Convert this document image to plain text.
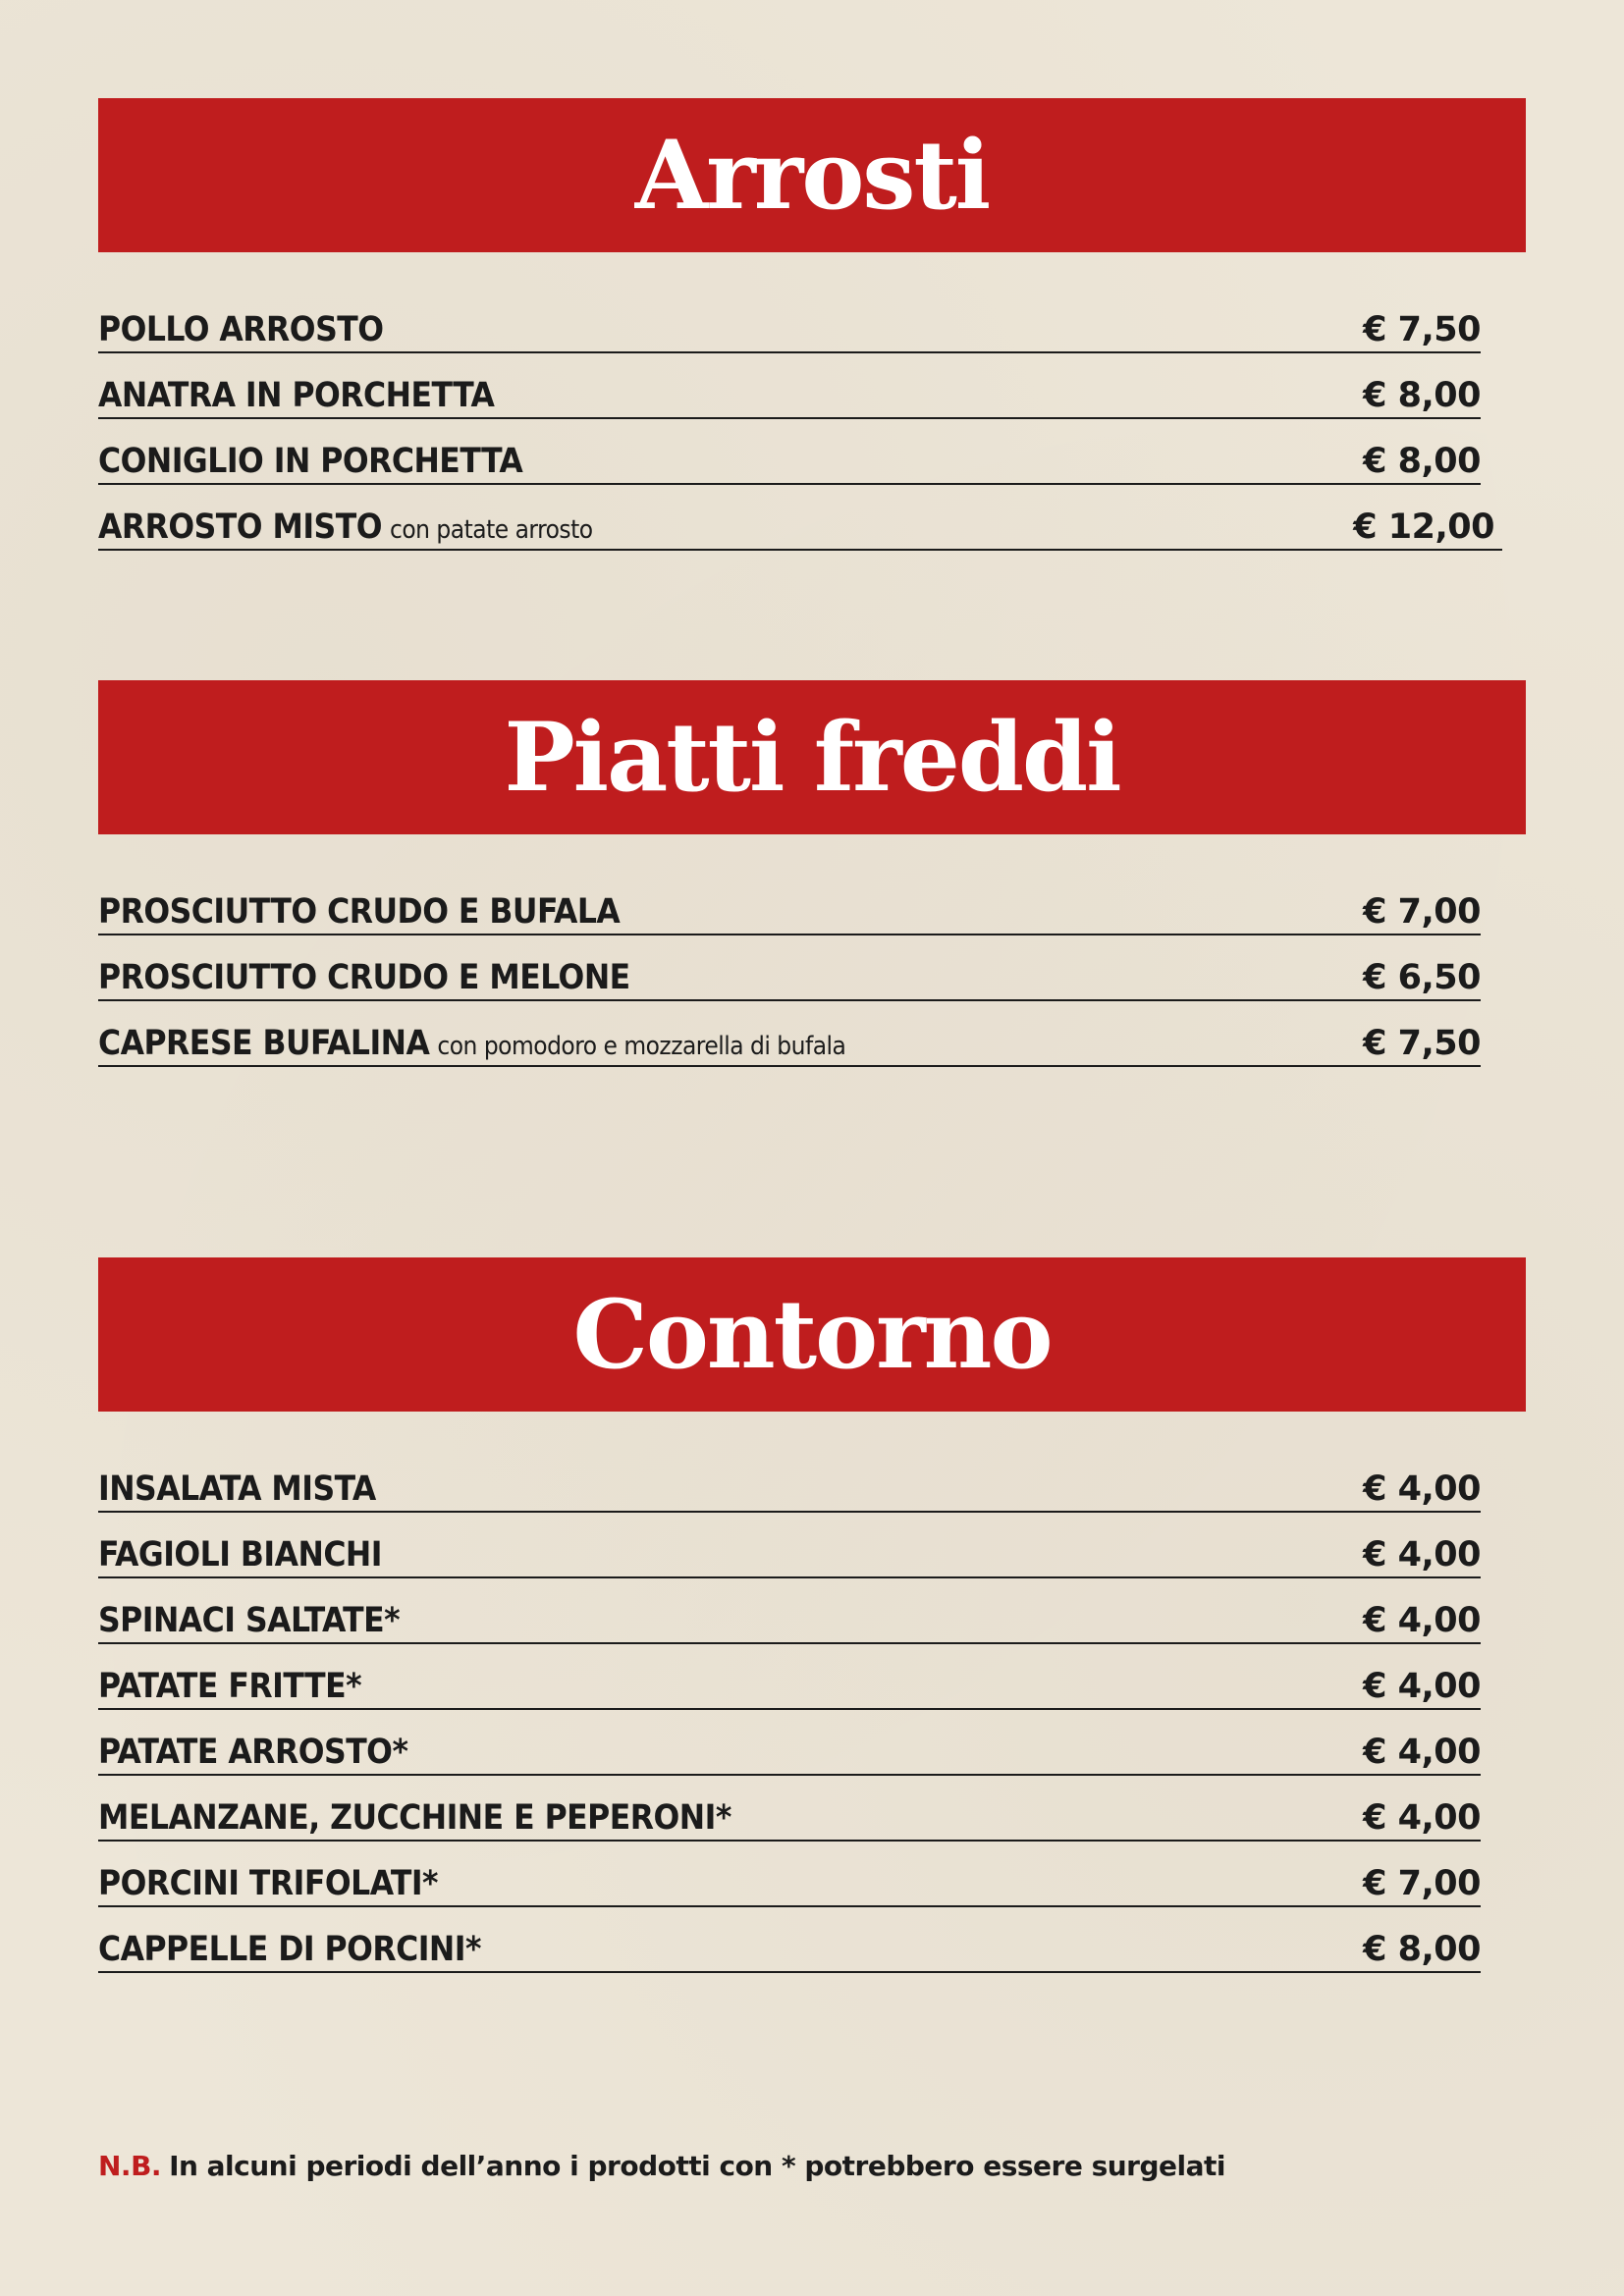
Arrosti
POLLO ARROSTO	€ 7,50
ANATRA IN PORCHETTA	€ 8,00
CONIGLIO IN PORCHETTA	€ 8,00
ARROSTO MISTO con patate arrosto	€ 12,00
Piatti freddi
PROSCIUTTO CRUDO E BUFALA	€ 7,00
PROSCIUTTO CRUDO E MELONE	€ 6,50
CAPRESE BUFALINA con pomodoro e mozzarella di bufala	€ 7,50
Contorno
INSALATA MISTA	€ 4,00
FAGIOLI BIANCHI	€ 4,00
SPINACI SALTATE*	€ 4,00
PATATE FRITTE*	€ 4,00
PATATE ARROSTO*	€ 4,00
MELANZANE, ZUCCHINE E PEPERONI*	€ 4,00
PORCINI TRIFOLATI*	€ 7,00
CAPPELLE DI PORCINI*	€ 8,00
N.B. In alcuni periodi dell’anno i prodotti con * potrebbero essere surgelati
